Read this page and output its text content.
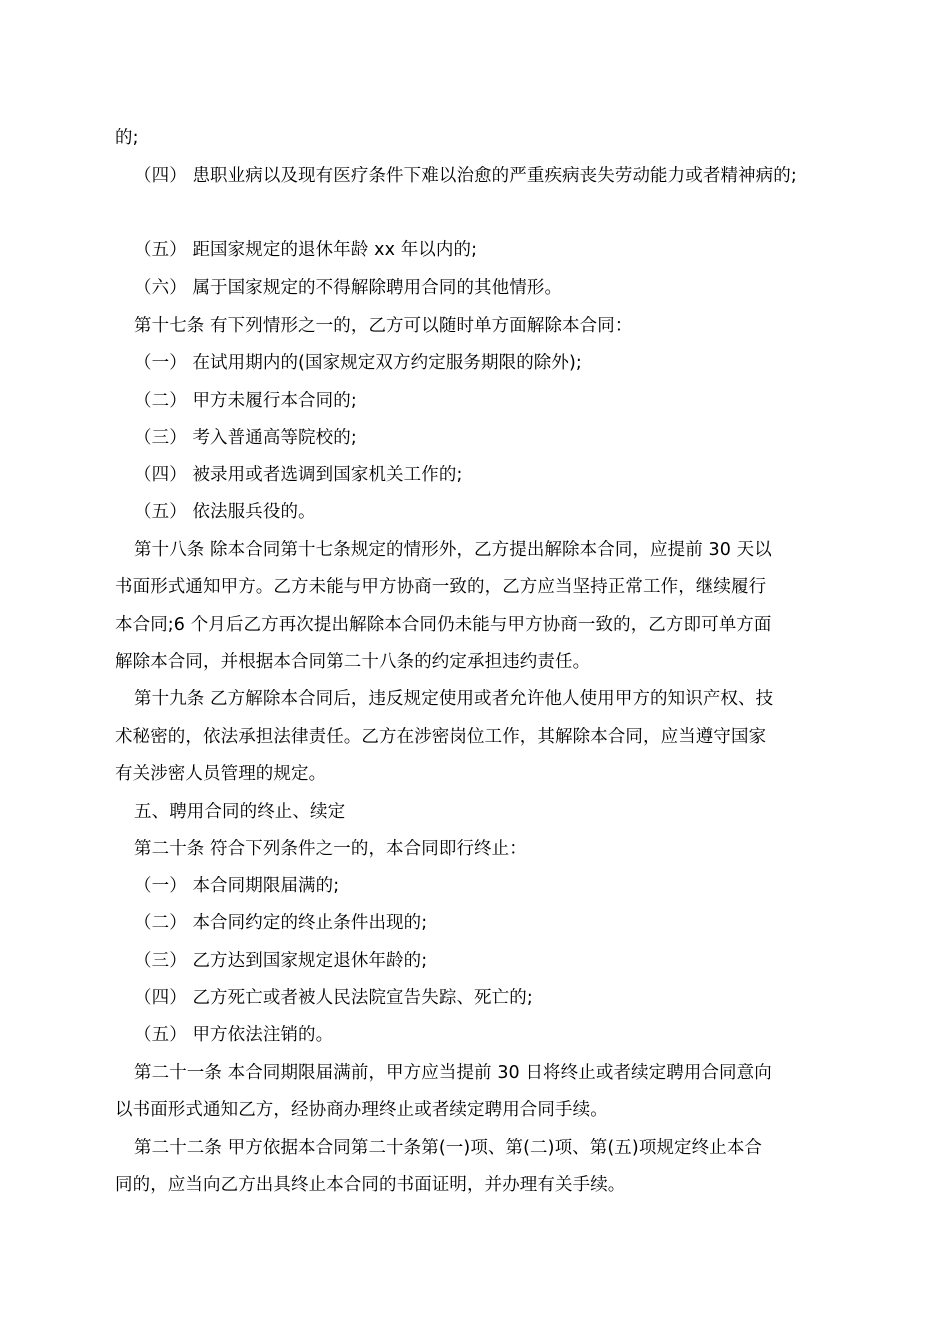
的;
（四） 患职业病以及现有医疗条件下难以治愈的严重疾病丧失劳动能力或者精神病的;
（五） 距国家规定的退休年龄 xx 年以内的;
（六） 属于国家规定的不得解除聘用合同的其他情形。
第十七条 有下列情形之一的，乙方可以随时单方面解除本合同：
（一） 在试用期内的(国家规定双方约定服务期限的除外);
（二） 甲方未履行本合同的;
（三） 考入普通高等院校的;
（四） 被录用或者选调到国家机关工作的;
（五） 依法服兵役的。
第十八条 除本合同第十七条规定的情形外，乙方提出解除本合同，应提前 30 天以
书面形式通知甲方。乙方未能与甲方协商一致的，乙方应当坚持正常工作，继续履行
本合同;6 个月后乙方再次提出解除本合同仍未能与甲方协商一致的，乙方即可单方面
解除本合同，并根据本合同第二十八条的约定承担违约责任。
第十九条 乙方解除本合同后，违反规定使用或者允许他人使用甲方的知识产权、技
术秘密的，依法承担法律责任。乙方在涉密岗位工作，其解除本合同，应当遵守国家
有关涉密人员管理的规定。
五、聘用合同的终止、续定
第二十条 符合下列条件之一的，本合同即行终止：
（一） 本合同期限届满的;
（二） 本合同约定的终止条件出现的;
（三） 乙方达到国家规定退休年龄的;
（四） 乙方死亡或者被人民法院宣告失踪、死亡的;
（五） 甲方依法注销的。
第二十一条 本合同期限届满前，甲方应当提前 30 日将终止或者续定聘用合同意向
以书面形式通知乙方，经协商办理终止或者续定聘用合同手续。
第二十二条 甲方依据本合同第二十条第(一)项、第(二)项、第(五)项规定终止本合
同的，应当向乙方出具终止本合同的书面证明，并办理有关手续。
